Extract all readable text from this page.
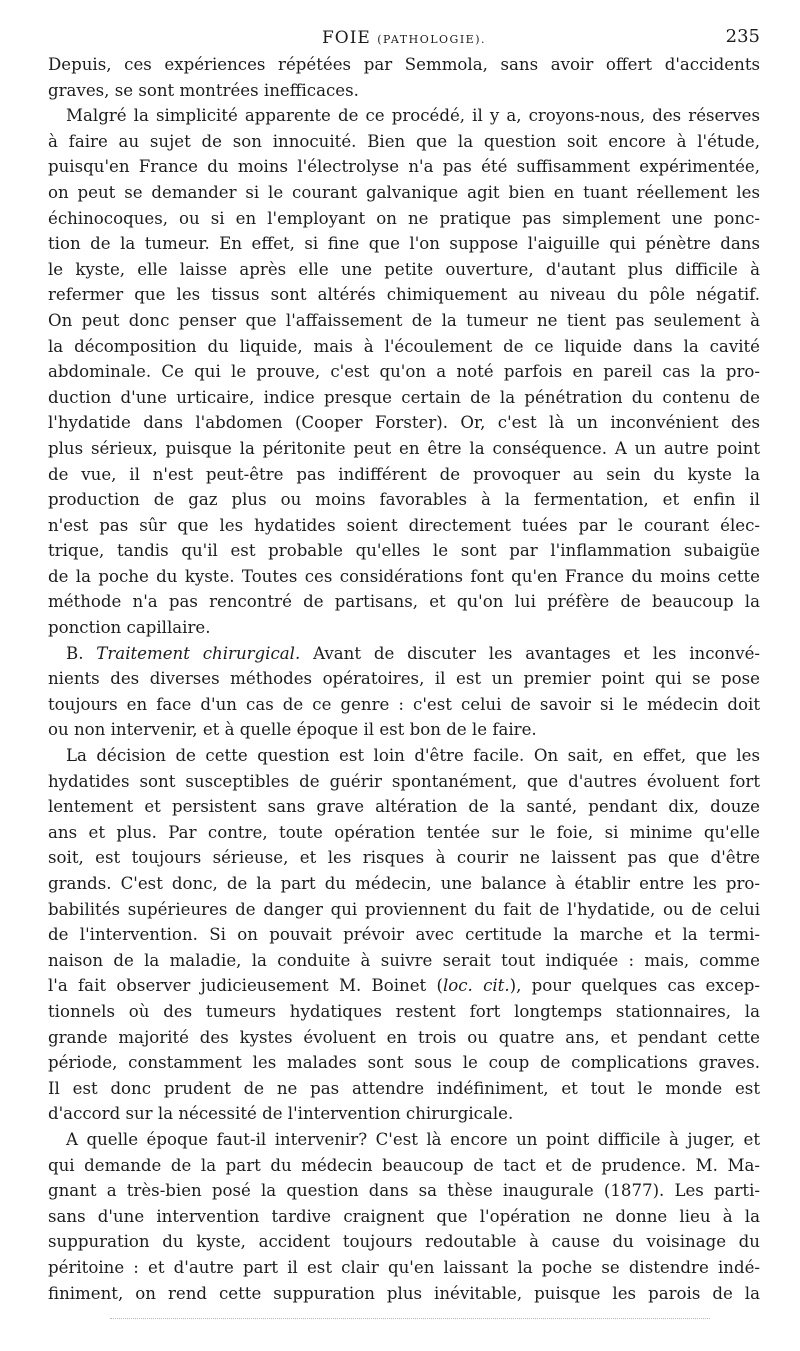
FOIE (PATHOLOGIE).	235
Depuis, ces expériences répétées par Semmola, sans avoir offert d'accidents
graves, se sont montrées inefficaces.
Malgré la simplicité apparente de ce procédé, il y a, croyons-nous, des réserves
à faire au sujet de son innocuité. Bien que la question soit encore à l'étude,
puisqu'en France du moins l'électrolyse n'a pas été suffisamment expérimentée,
on peut se demander si le courant galvanique agit bien en tuant réellement les
échinocoques, ou si en l'employant on ne pratique pas simplement une ponc-
tion de la tumeur. En effet, si fine que l'on suppose l'aiguille qui pénètre dans
le kyste, elle laisse après elle une petite ouverture, d'autant plus difficile à
refermer que les tissus sont altérés chimiquement au niveau du pôle négatif.
On peut donc penser que l'affaissement de la tumeur ne tient pas seulement à
la décomposition du liquide, mais à l'écoulement de ce liquide dans la cavité
abdominale. Ce qui le prouve, c'est qu'on a noté parfois en pareil cas la pro-
duction d'une urticaire, indice presque certain de la pénétration du contenu de
l'hydatide dans l'abdomen (Cooper Forster). Or, c'est là un inconvénient des
plus sérieux, puisque la péritonite peut en être la conséquence. A un autre point
de vue, il n'est peut-être pas indifférent de provoquer au sein du kyste la
production de gaz plus ou moins favorables à la fermentation, et enfin il
n'est pas sûr que les hydatides soient directement tuées par le courant élec-
trique, tandis qu'il est probable qu'elles le sont par l'inflammation subaigüe
de la poche du kyste. Toutes ces considérations font qu'en France du moins cette
méthode n'a pas rencontré de partisans, et qu'on lui préfère de beaucoup la
ponction capillaire.
B. Traitement chirurgical. Avant de discuter les avantages et les inconvé-
nients des diverses méthodes opératoires, il est un premier point qui se pose
toujours en face d'un cas de ce genre : c'est celui de savoir si le médecin doit
ou non intervenir, et à quelle époque il est bon de le faire.
La décision de cette question est loin d'être facile. On sait, en effet, que les
hydatides sont susceptibles de guérir spontanément, que d'autres évoluent fort
lentement et persistent sans grave altération de la santé, pendant dix, douze
ans et plus. Par contre, toute opération tentée sur le foie, si minime qu'elle
soit, est toujours sérieuse, et les risques à courir ne laissent pas que d'être
grands. C'est donc, de la part du médecin, une balance à établir entre les pro-
babilités supérieures de danger qui proviennent du fait de l'hydatide, ou de celui
de l'intervention. Si on pouvait prévoir avec certitude la marche et la termi-
naison de la maladie, la conduite à suivre serait tout indiquée : mais, comme
l'a fait observer judicieusement M. Boinet (loc. cit.), pour quelques cas excep-
tionnels où des tumeurs hydatiques restent fort longtemps stationnaires, la
grande majorité des kystes évoluent en trois ou quatre ans, et pendant cette
période, constamment les malades sont sous le coup de complications graves.
Il est donc prudent de ne pas attendre indéfiniment, et tout le monde est
d'accord sur la nécessité de l'intervention chirurgicale.
A quelle époque faut-il intervenir? C'est là encore un point difficile à juger, et
qui demande de la part du médecin beaucoup de tact et de prudence. M. Ma-
gnant a très-bien posé la question dans sa thèse inaugurale (1877). Les parti-
sans d'une intervention tardive craignent que l'opération ne donne lieu à la
suppuration du kyste, accident toujours redoutable à cause du voisinage du
péritoine : et d'autre part il est clair qu'en laissant la poche se distendre indé-
finiment, on rend cette suppuration plus inévitable, puisque les parois de la
